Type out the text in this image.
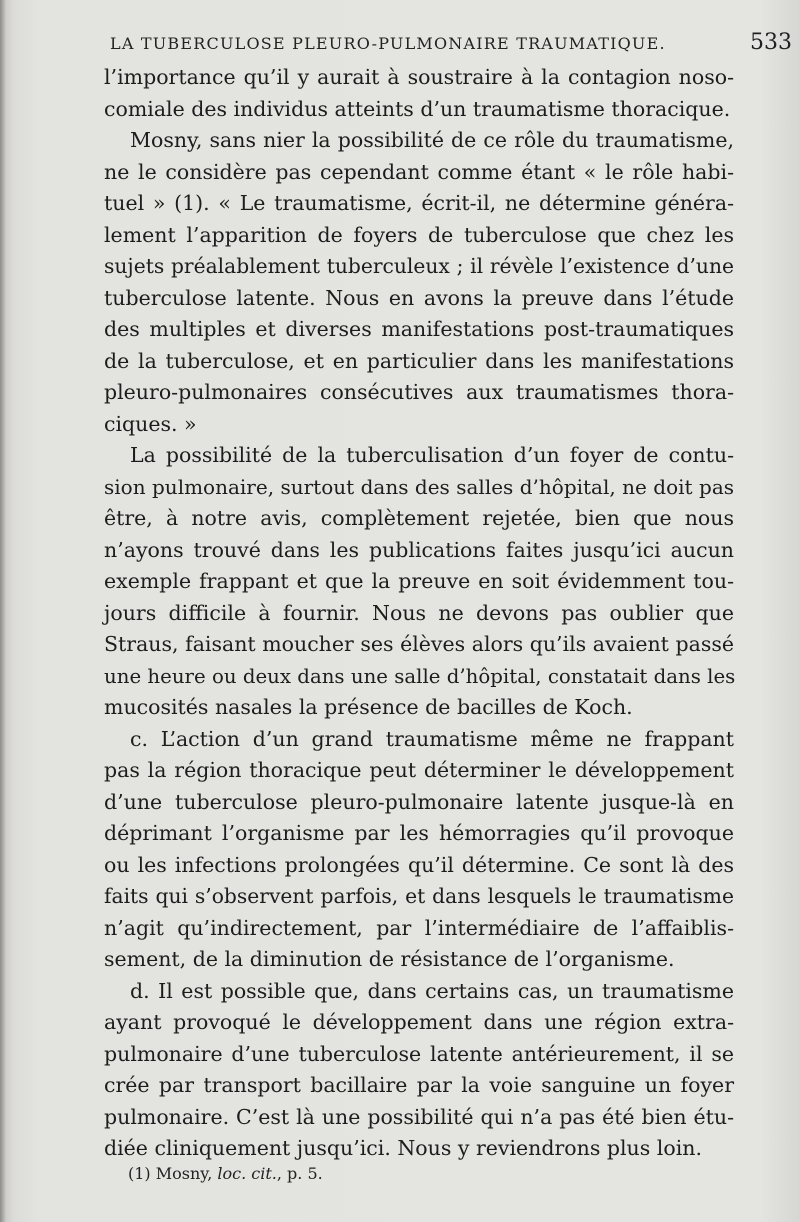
LA TUBERCULOSE PLEURO-PULMONAIRE TRAUMATIQUE.	533
l’importance qu’il y aurait à soustraire à la contagion noso-
comiale des individus atteints d’un traumatisme thoracique.
Mosny, sans nier la possibilité de ce rôle du traumatisme,
ne le considère pas cependant comme étant « le rôle habi-
tuel » (1). « Le traumatisme, écrit-il, ne détermine généra-
lement l’apparition de foyers de tuberculose que chez les
sujets préalablement tuberculeux ; il révèle l’existence d’une
tuberculose latente. Nous en avons la preuve dans l’étude
des multiples et diverses manifestations post-traumatiques
de la tuberculose, et en particulier dans les manifestations
pleuro-pulmonaires consécutives aux traumatismes thora-
ciques. »
La possibilité de la tuberculisation d’un foyer de contu-
sion pulmonaire, surtout dans des salles d’hôpital, ne doit pas
être, à notre avis, complètement rejetée, bien que nous
n’ayons trouvé dans les publications faites jusqu’ici aucun
exemple frappant et que la preuve en soit évidemment tou-
jours difficile à fournir. Nous ne devons pas oublier que
Straus, faisant moucher ses élèves alors qu’ils avaient passé
une heure ou deux dans une salle d’hôpital, constatait dans les
mucosités nasales la présence de bacilles de Koch.
c. L’action d’un grand traumatisme même ne frappant
pas la région thoracique peut déterminer le développement
d’une tuberculose pleuro-pulmonaire latente jusque-là en
déprimant l’organisme par les hémorragies qu’il provoque
ou les infections prolongées qu’il détermine. Ce sont là des
faits qui s’observent parfois, et dans lesquels le traumatisme
n’agit qu’indirectement, par l’intermédiaire de l’affaiblis-
sement, de la diminution de résistance de l’organisme.
d. Il est possible que, dans certains cas, un traumatisme
ayant provoqué le développement dans une région extra-
pulmonaire d’une tuberculose latente antérieurement, il se
crée par transport bacillaire par la voie sanguine un foyer
pulmonaire. C’est là une possibilité qui n’a pas été bien étu-
diée cliniquement jusqu’ici. Nous y reviendrons plus loin.
(1) Mosny, loc. cit., p. 5.
